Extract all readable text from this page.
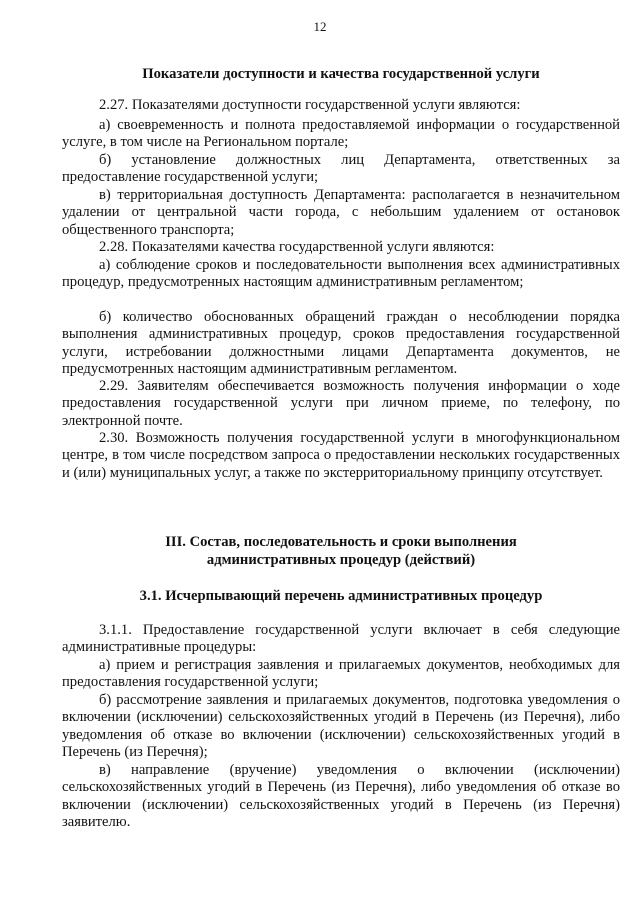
12

Показатели доступности и качества государственной услуги

2.27. Показателями доступности государственной услуги являются:

а) своевременность и полнота предоставляемой информации о государственной услуге, в том числе на Региональном портале;

б) установление должностных лиц Департамента, ответственных за предоставление государственной услуги;

в) территориальная доступность Департамента: располагается в незначительном удалении от центральной части города, с небольшим удалением от остановок общественного транспорта;

2.28. Показателями качества государственной услуги являются:

а) соблюдение сроков и последовательности выполнения всех административных процедур, предусмотренных настоящим административным регламентом;

б) количество обоснованных обращений граждан о несоблюдении порядка выполнения административных процедур, сроков предоставления государственной услуги, истребовании должностными лицами Департамента документов, не предусмотренных настоящим административным регламентом.

2.29. Заявителям обеспечивается возможность получения информации о ходе предоставления государственной услуги при личном приеме, по телефону, по электронной почте.

2.30. Возможность получения государственной услуги в многофункциональном центре, в том числе посредством запроса о предоставлении нескольких государственных и (или) муниципальных услуг, а также по экстерриториальному принципу отсутствует.

III. Состав, последовательность и сроки выполнения

административных процедур (действий)

3.1. Исчерпывающий перечень административных процедур

3.1.1. Предоставление государственной услуги включает в себя следующие административные процедуры:

а) прием и регистрация заявления и прилагаемых документов, необходимых для предоставления государственной услуги;

б) рассмотрение заявления и прилагаемых документов, подготовка уведомления о включении (исключении) сельскохозяйственных угодий в Перечень (из Перечня), либо уведомления об отказе во включении (исключении) сельскохозяйственных угодий в Перечень (из Перечня);

в) направление (вручение) уведомления о включении (исключении) сельскохозяйственных угодий в Перечень (из Перечня), либо уведомления об отказе во включении (исключении) сельскохозяйственных угодий в Перечень (из Перечня) заявителю.
